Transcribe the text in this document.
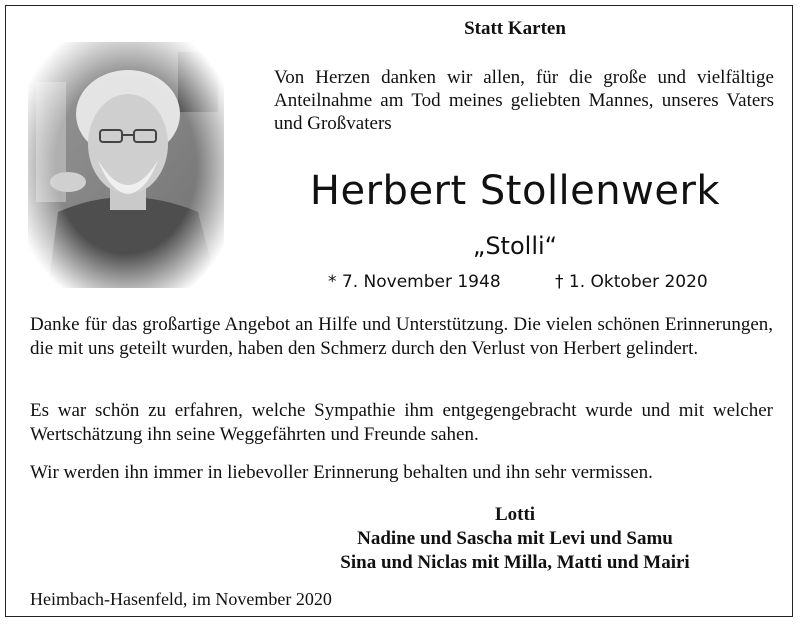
Statt Karten
Von Herzen danken wir allen, für die große und vielfältige Anteilnahme am Tod meines geliebten Mannes, unseres Vaters und Großvaters
Herbert Stollenwerk
„Stolli“
* 7. November 1948	† 1. Oktober 2020

Danke für das großartige Angebot an Hilfe und Unterstützung. Die vielen schönen Erinnerungen, die mit uns geteilt wurden, haben den Schmerz durch den Verlust von Herbert gelindert.

Es war schön zu erfahren, welche Sympathie ihm entgegengebracht wurde und mit welcher Wertschätzung ihn seine Weggefährten und Freunde sahen.

Wir werden ihn immer in liebevoller Erinnerung behalten und ihn sehr vermissen.

Lotti
Nadine und Sascha mit Levi und Samu
Sina und Niclas mit Milla, Matti und Mairi
Heimbach-Hasenfeld, im November 2020
